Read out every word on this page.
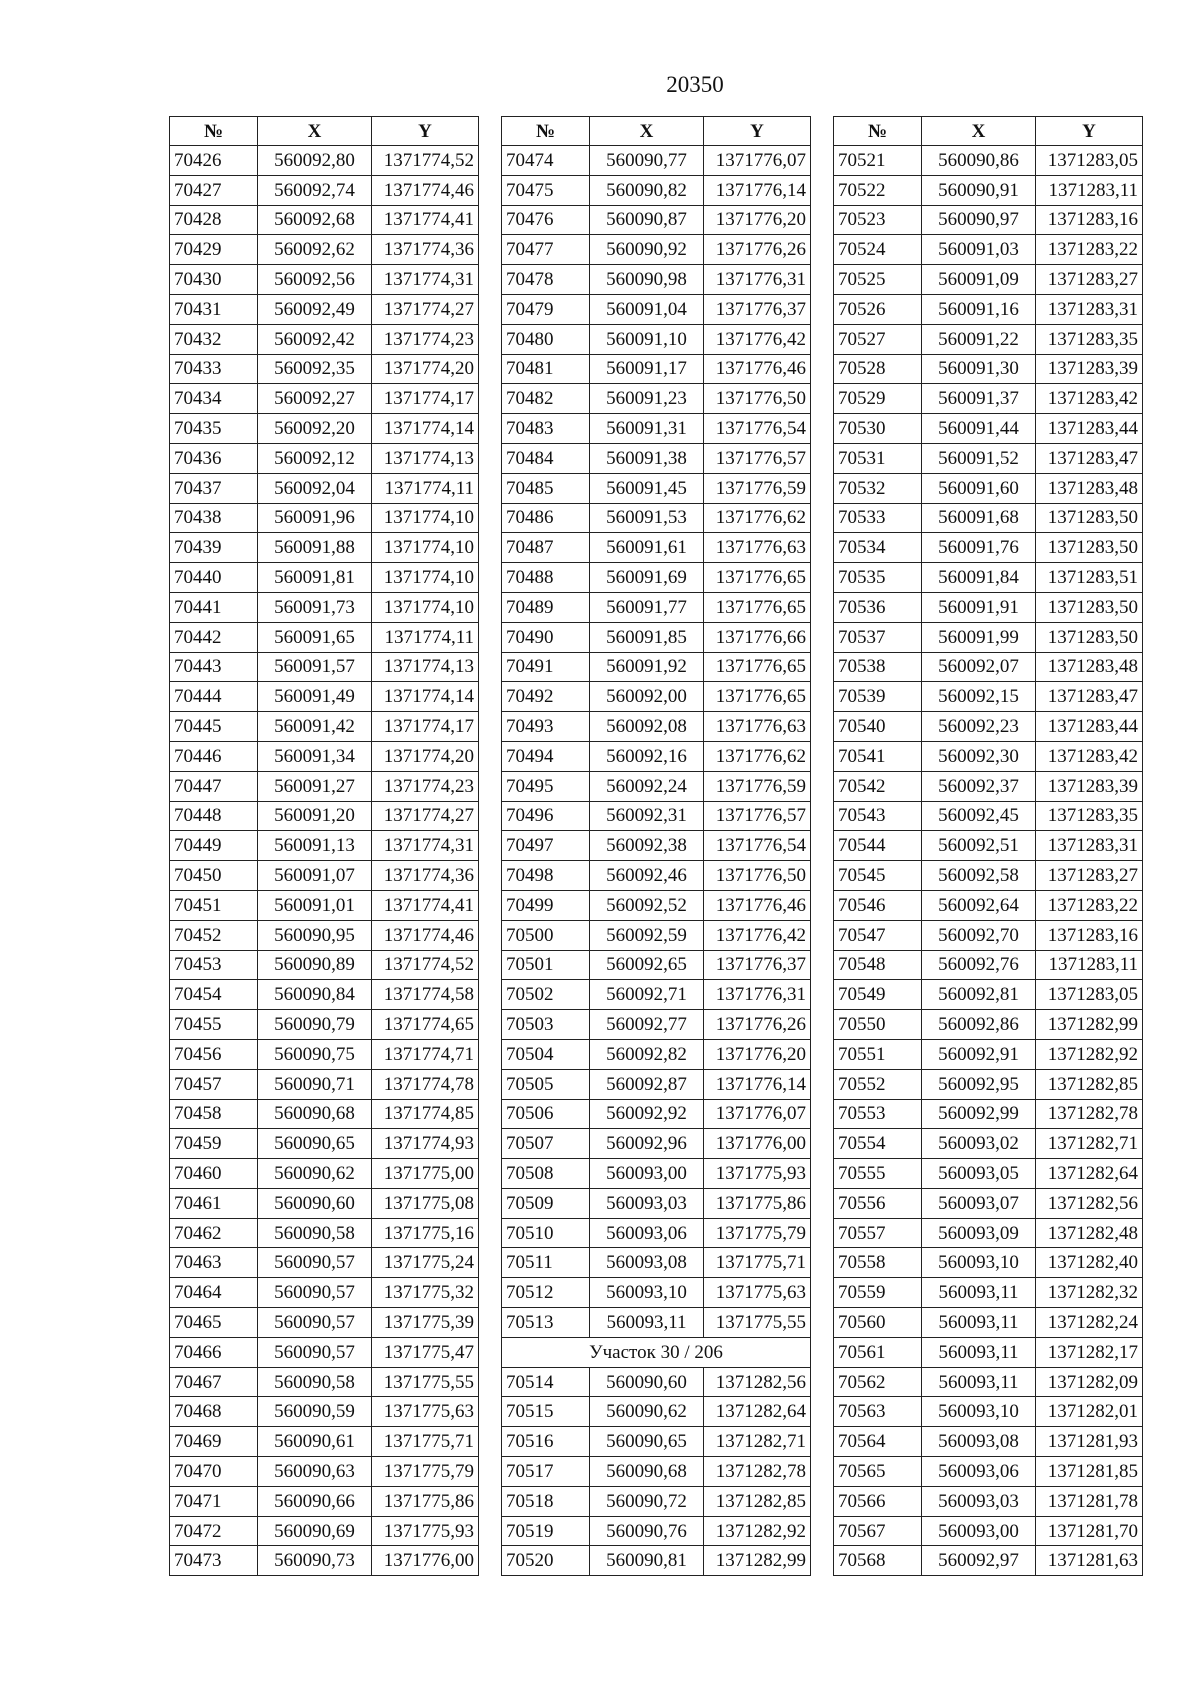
20350
№	X	Y
70426	560092,80	1371774,52
70427	560092,74	1371774,46
70428	560092,68	1371774,41
70429	560092,62	1371774,36
70430	560092,56	1371774,31
70431	560092,49	1371774,27
70432	560092,42	1371774,23
70433	560092,35	1371774,20
70434	560092,27	1371774,17
70435	560092,20	1371774,14
70436	560092,12	1371774,13
70437	560092,04	1371774,11
70438	560091,96	1371774,10
70439	560091,88	1371774,10
70440	560091,81	1371774,10
70441	560091,73	1371774,10
70442	560091,65	1371774,11
70443	560091,57	1371774,13
70444	560091,49	1371774,14
70445	560091,42	1371774,17
70446	560091,34	1371774,20
70447	560091,27	1371774,23
70448	560091,20	1371774,27
70449	560091,13	1371774,31
70450	560091,07	1371774,36
70451	560091,01	1371774,41
70452	560090,95	1371774,46
70453	560090,89	1371774,52
70454	560090,84	1371774,58
70455	560090,79	1371774,65
70456	560090,75	1371774,71
70457	560090,71	1371774,78
70458	560090,68	1371774,85
70459	560090,65	1371774,93
70460	560090,62	1371775,00
70461	560090,60	1371775,08
70462	560090,58	1371775,16
70463	560090,57	1371775,24
70464	560090,57	1371775,32
70465	560090,57	1371775,39
70466	560090,57	1371775,47
70467	560090,58	1371775,55
70468	560090,59	1371775,63
70469	560090,61	1371775,71
70470	560090,63	1371775,79
70471	560090,66	1371775,86
70472	560090,69	1371775,93
70473	560090,73	1371776,00
№	X	Y
70474	560090,77	1371776,07
70475	560090,82	1371776,14
70476	560090,87	1371776,20
70477	560090,92	1371776,26
70478	560090,98	1371776,31
70479	560091,04	1371776,37
70480	560091,10	1371776,42
70481	560091,17	1371776,46
70482	560091,23	1371776,50
70483	560091,31	1371776,54
70484	560091,38	1371776,57
70485	560091,45	1371776,59
70486	560091,53	1371776,62
70487	560091,61	1371776,63
70488	560091,69	1371776,65
70489	560091,77	1371776,65
70490	560091,85	1371776,66
70491	560091,92	1371776,65
70492	560092,00	1371776,65
70493	560092,08	1371776,63
70494	560092,16	1371776,62
70495	560092,24	1371776,59
70496	560092,31	1371776,57
70497	560092,38	1371776,54
70498	560092,46	1371776,50
70499	560092,52	1371776,46
70500	560092,59	1371776,42
70501	560092,65	1371776,37
70502	560092,71	1371776,31
70503	560092,77	1371776,26
70504	560092,82	1371776,20
70505	560092,87	1371776,14
70506	560092,92	1371776,07
70507	560092,96	1371776,00
70508	560093,00	1371775,93
70509	560093,03	1371775,86
70510	560093,06	1371775,79
70511	560093,08	1371775,71
70512	560093,10	1371775,63
70513	560093,11	1371775,55
Участок 30 / 206		
70514	560090,60	1371282,56
70515	560090,62	1371282,64
70516	560090,65	1371282,71
70517	560090,68	1371282,78
70518	560090,72	1371282,85
70519	560090,76	1371282,92
70520	560090,81	1371282,99
№	X	Y
70521	560090,86	1371283,05
70522	560090,91	1371283,11
70523	560090,97	1371283,16
70524	560091,03	1371283,22
70525	560091,09	1371283,27
70526	560091,16	1371283,31
70527	560091,22	1371283,35
70528	560091,30	1371283,39
70529	560091,37	1371283,42
70530	560091,44	1371283,44
70531	560091,52	1371283,47
70532	560091,60	1371283,48
70533	560091,68	1371283,50
70534	560091,76	1371283,50
70535	560091,84	1371283,51
70536	560091,91	1371283,50
70537	560091,99	1371283,50
70538	560092,07	1371283,48
70539	560092,15	1371283,47
70540	560092,23	1371283,44
70541	560092,30	1371283,42
70542	560092,37	1371283,39
70543	560092,45	1371283,35
70544	560092,51	1371283,31
70545	560092,58	1371283,27
70546	560092,64	1371283,22
70547	560092,70	1371283,16
70548	560092,76	1371283,11
70549	560092,81	1371283,05
70550	560092,86	1371282,99
70551	560092,91	1371282,92
70552	560092,95	1371282,85
70553	560092,99	1371282,78
70554	560093,02	1371282,71
70555	560093,05	1371282,64
70556	560093,07	1371282,56
70557	560093,09	1371282,48
70558	560093,10	1371282,40
70559	560093,11	1371282,32
70560	560093,11	1371282,24
70561	560093,11	1371282,17
70562	560093,11	1371282,09
70563	560093,10	1371282,01
70564	560093,08	1371281,93
70565	560093,06	1371281,85
70566	560093,03	1371281,78
70567	560093,00	1371281,70
70568	560092,97	1371281,63
